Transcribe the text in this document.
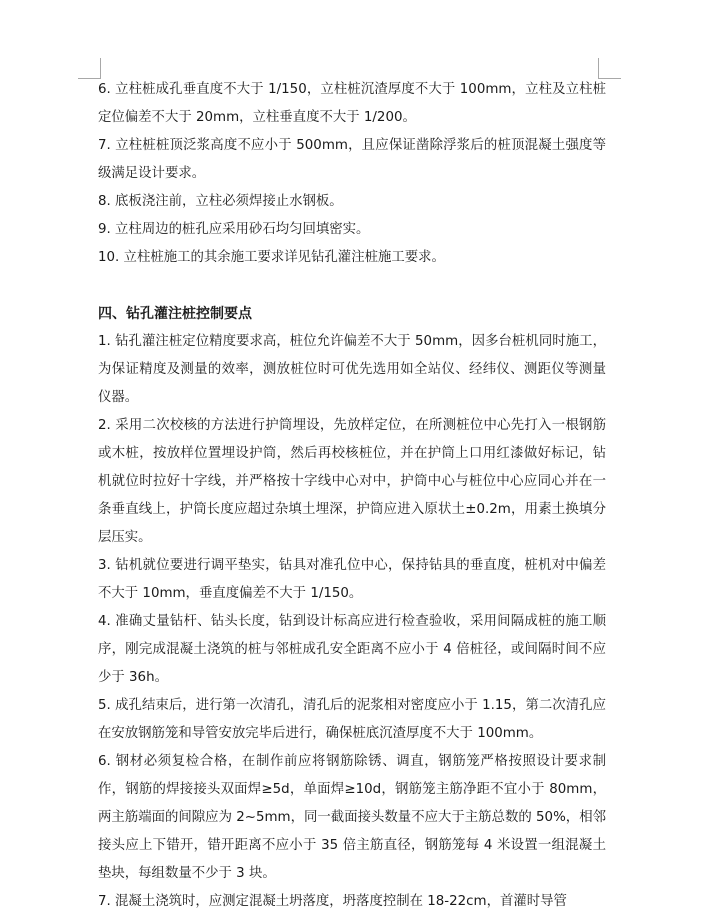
6. 立柱桩成孔垂直度不大于 1/150，立柱桩沉渣厚度不大于 100mm，立柱及立柱桩定位偏差不大于 20mm，立柱垂直度不大于 1/200。

7. 立柱桩桩顶泛浆高度不应小于 500mm，且应保证凿除浮浆后的桩顶混凝土强度等级满足设计要求。

8. 底板浇注前，立柱必须焊接止水钢板。

9. 立柱周边的桩孔应采用砂石均匀回填密实。

10. 立柱桩施工的其余施工要求详见钻孔灌注桩施工要求。

四、钻孔灌注桩控制要点

1. 钻孔灌注桩定位精度要求高，桩位允许偏差不大于 50mm，因多台桩机同时施工，为保证精度及测量的效率，测放桩位时可优先选用如全站仪、经纬仪、测距仪等测量仪器。

2. 采用二次校核的方法进行护筒埋设，先放样定位，在所测桩位中心先打入一根钢筋或木桩，按放样位置埋设护筒，然后再校核桩位，并在护筒上口用红漆做好标记，钻机就位时拉好十字线，并严格按十字线中心对中，护筒中心与桩位中心应同心并在一条垂直线上，护筒长度应超过杂填土埋深，护筒应进入原状土±0.2m，用素土换填分层压实。

3. 钻机就位要进行调平垫实，钻具对准孔位中心，保持钻具的垂直度，桩机对中偏差不大于 10mm，垂直度偏差不大于 1/150。

4. 准确丈量钻杆、钻头长度，钻到设计标高应进行检查验收，采用间隔成桩的施工顺序，刚完成混凝土浇筑的桩与邻桩成孔安全距离不应小于 4 倍桩径，或间隔时间不应少于 36h。

5. 成孔结束后，进行第一次清孔，清孔后的泥浆相对密度应小于 1.15，第二次清孔应在安放钢筋笼和导管安放完毕后进行，确保桩底沉渣厚度不大于 100mm。

6. 钢材必须复检合格，在制作前应将钢筋除锈、调直，钢筋笼严格按照设计要求制作，钢筋的焊接接头双面焊≥5d，单面焊≥10d，钢筋笼主筋净距不宜小于 80mm，两主筋端面的间隙应为 2~5mm，同一截面接头数量不应大于主筋总数的 50%，相邻接头应上下错开，错开距离不应小于 35 倍主筋直径，钢筋笼每 4 米设置一组混凝土垫块，每组数量不少于 3 块。

7. 混凝土浇筑时，应测定混凝土坍落度，坍落度控制在 18-22cm，首灌时导管
